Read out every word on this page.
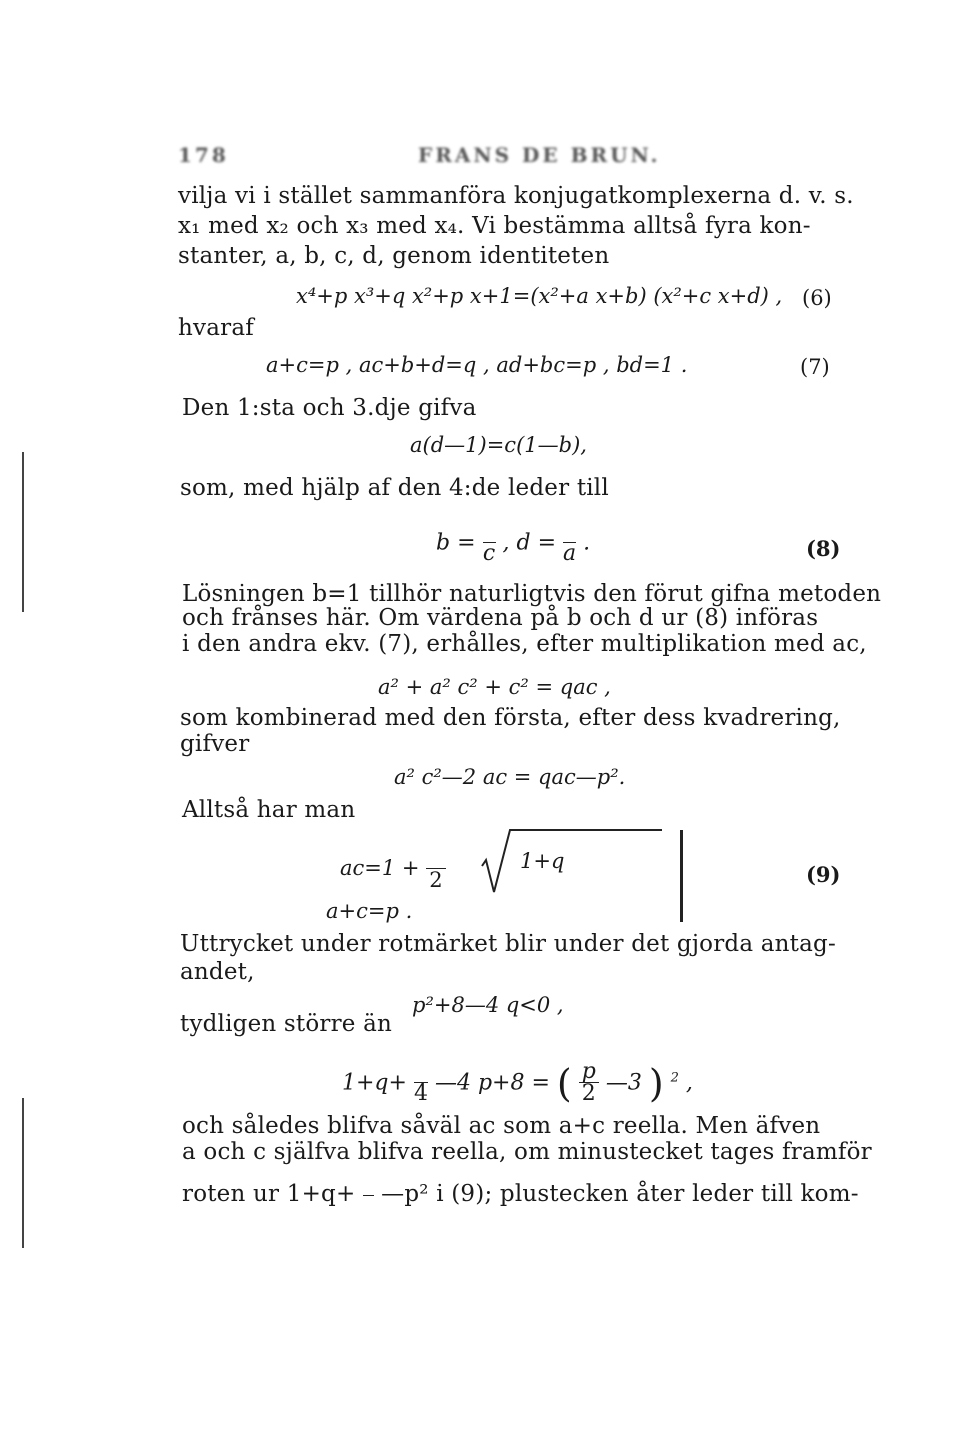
178	FRANS DE BRUN.
vilja vi i stället sammanföra konjugatkomplexerna d. v. s.
x₁ med x₂ och x₃ med x₄. Vi bestämma alltså fyra kon-
stanter, a, b, c, d, genom identiteten
x⁴+p x³+q x²+p x+1=(x²+a x+b) (x²+c x+d) , (6)
hvaraf
a+c=p , ac+b+d=q , ad+bc=p , bd=1 .	(7)
Den 1:sta och 3.dje gifva
a(d—1)=c(1—b),
som, med hjälp af den 4:de leder till
b =
c , d =
a .	(8)
Lösningen b=1 tillhör naturligtvis den förut gifna metoden
och frånses här. Om värdena på b och d ur (8) införas
i den andra ekv. (7), erhålles, efter multiplikation med ac,
a² + a² c² + c² = qac ,
som kombinerad med den första, efter dess kvadrering,
gifver
a² c²—2 ac = qac—p².
Alltså har man
ac=1 +
2
1+q
a+c=p .
(9)
Uttrycket under rotmärket blir under det gjorda antag-
andet,
p²+8—4 q<0 ,
tydligen större än
1+q+
4 —4 p+8 = ( $\frac{p}{2}$ —3 ) $^2$ ,
och således blifva såväl ac som a+c reella. Men äfven
a och c själfva blifva reella, om minustecket tages framför
roten ur 1+q+

—p² i (9); plustecken åter leder till kom-
